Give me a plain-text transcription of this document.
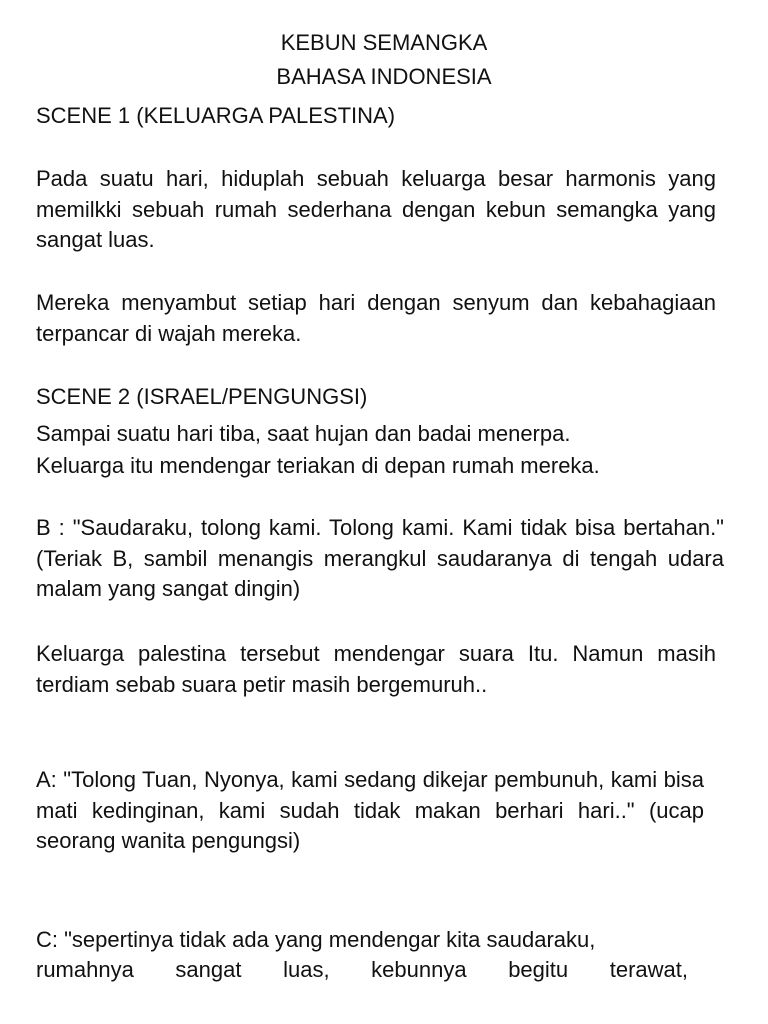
KEBUN SEMANGKA

BAHASA INDONESIA

SCENE 1 (KELUARGA PALESTINA)

Pada suatu hari, hiduplah sebuah keluarga besar harmonis yang memilkki sebuah rumah sederhana dengan kebun semangka yang sangat luas.

Mereka menyambut setiap hari dengan senyum dan kebahagiaan terpancar di wajah mereka.

SCENE 2 (ISRAEL/PENGUNGSI)

Sampai suatu hari tiba, saat hujan dan badai menerpa.

Keluarga itu mendengar teriakan di depan rumah mereka.

B : "Saudaraku, tolong kami. Tolong kami. Kami tidak bisa bertahan." (Teriak B, sambil menangis merangkul saudaranya di tengah udara malam yang sangat dingin)

Keluarga palestina tersebut mendengar suara Itu. Namun masih terdiam sebab suara petir masih bergemuruh..

A: "Tolong Tuan, Nyonya, kami sedang dikejar pembunuh, kami bisa mati kedinginan, kami sudah tidak makan berhari hari.." (ucap seorang wanita pengungsi)

C: "sepertinya tidak ada yang mendengar kita saudaraku,

rumahnya sangat luas, kebunnya begitu terawat,
